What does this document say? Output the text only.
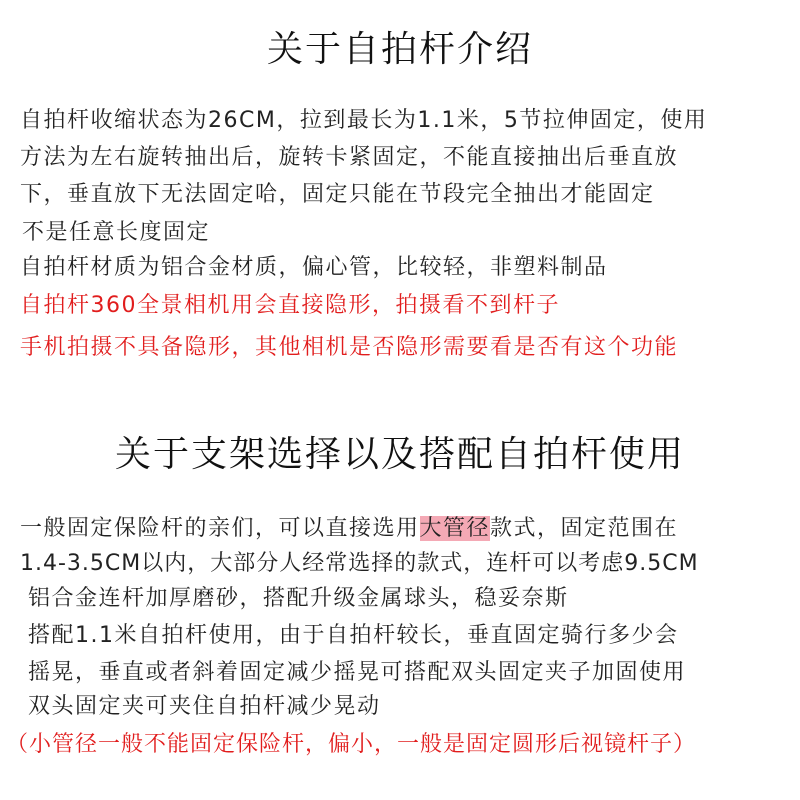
关于自拍杆介绍
自拍杆收缩状态为26CM，拉到最长为1.1米，5节拉伸固定，使用
方法为左右旋转抽出后，旋转卡紧固定，不能直接抽出后垂直放
下，垂直放下无法固定哈，固定只能在节段完全抽出才能固定
不是任意长度固定
自拍杆材质为铝合金材质，偏心管，比较轻，非塑料制品
自拍杆360全景相机用会直接隐形，拍摄看不到杆子
手机拍摄不具备隐形，其他相机是否隐形需要看是否有这个功能
关于支架选择以及搭配自拍杆使用
一般固定保险杆的亲们，可以直接选用大管径款式，固定范围在
1.4-3.5CM以内，大部分人经常选择的款式，连杆可以考虑9.5CM
铝合金连杆加厚磨砂，搭配升级金属球头，稳妥奈斯
搭配1.1米自拍杆使用，由于自拍杆较长，垂直固定骑行多少会
摇晃，垂直或者斜着固定减少摇晃可搭配双头固定夹子加固使用
双头固定夹可夹住自拍杆减少晃动
（小管径一般不能固定保险杆，偏小，一般是固定圆形后视镜杆子）
